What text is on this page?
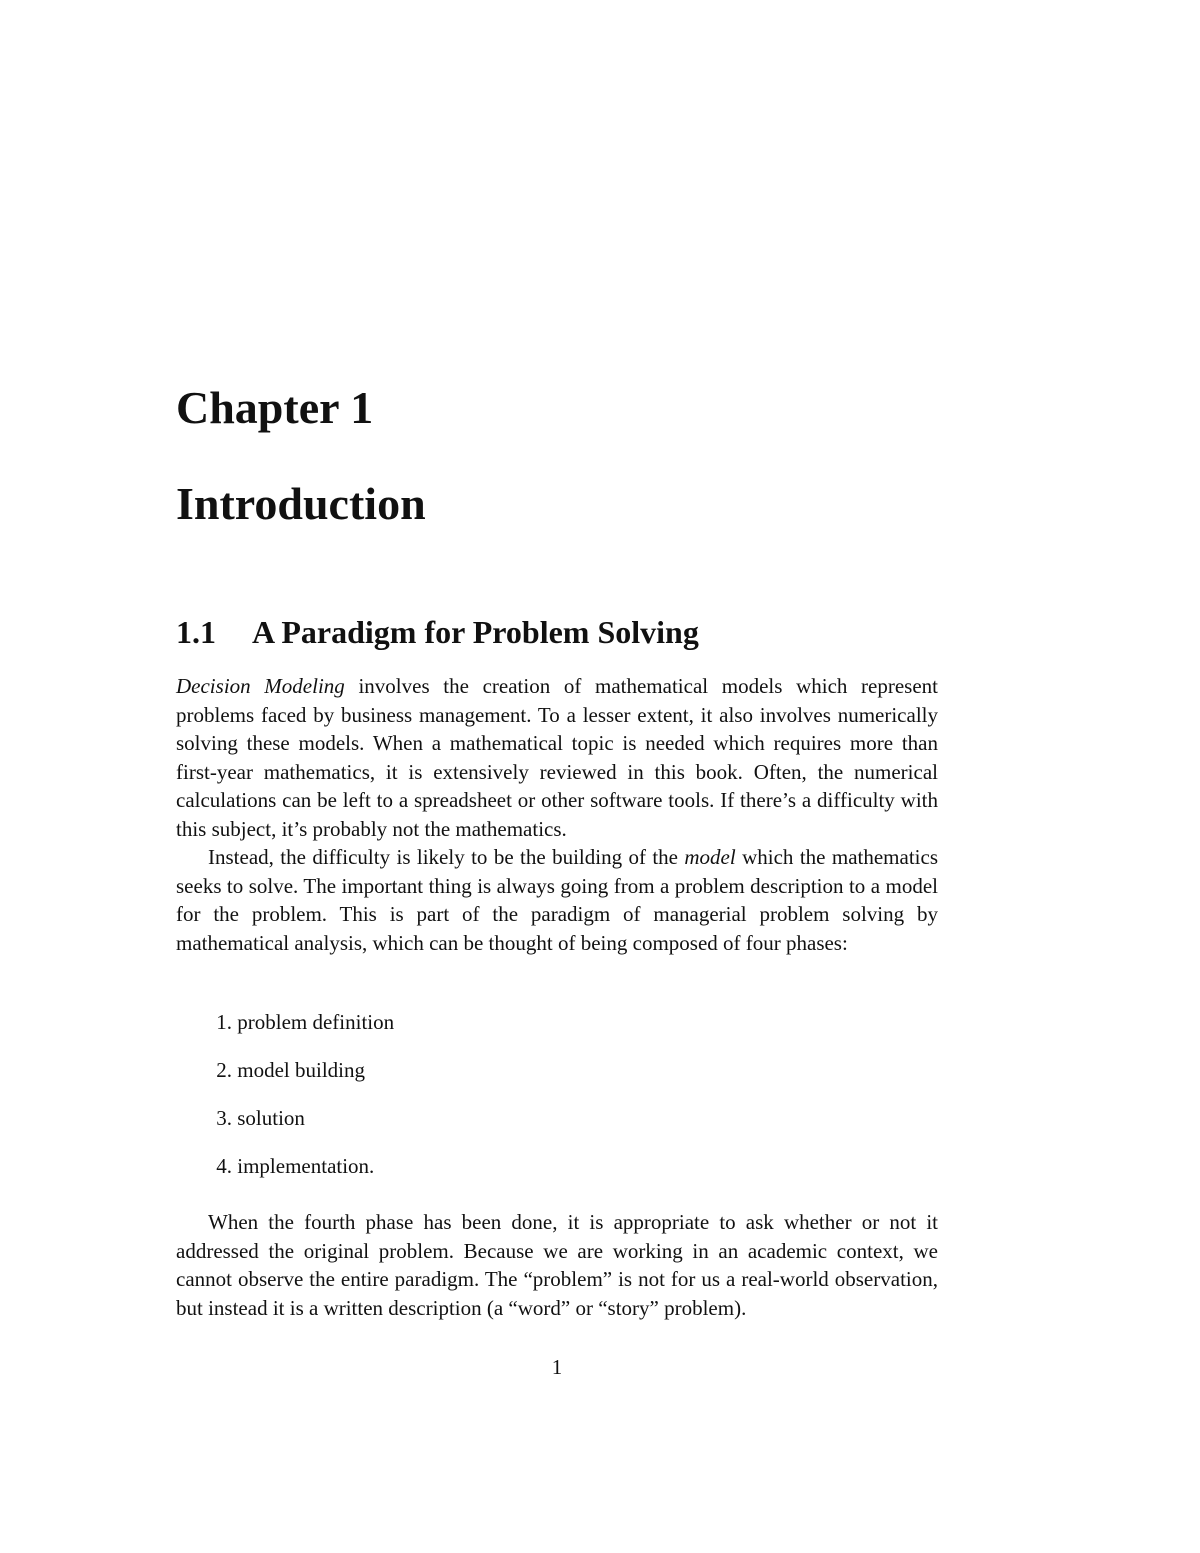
Chapter 1
Introduction
1.1 A Paradigm for Problem Solving

Decision Modeling involves the creation of mathematical models which represent problems faced by business management. To a lesser extent, it also involves numerically solving these models. When a mathematical topic is needed which requires more than first-year mathematics, it is extensively reviewed in this book. Often, the numerical calculations can be left to a spreadsheet or other software tools. If there’s a difficulty with this subject, it’s probably not the mathematics.

Instead, the difficulty is likely to be the building of the model which the mathematics seeks to solve. The important thing is always going from a problem description to a model for the problem. This is part of the paradigm of managerial problem solving by mathematical analysis, which can be thought of being composed of four phases:

1. problem definition
2. model building
3. solution
4. implementation.

When the fourth phase has been done, it is appropriate to ask whether or not it addressed the original problem. Because we are working in an academic context, we cannot observe the entire paradigm. The “problem” is not for us a real-world observation, but instead it is a written description (a “word” or “story” problem).

1
